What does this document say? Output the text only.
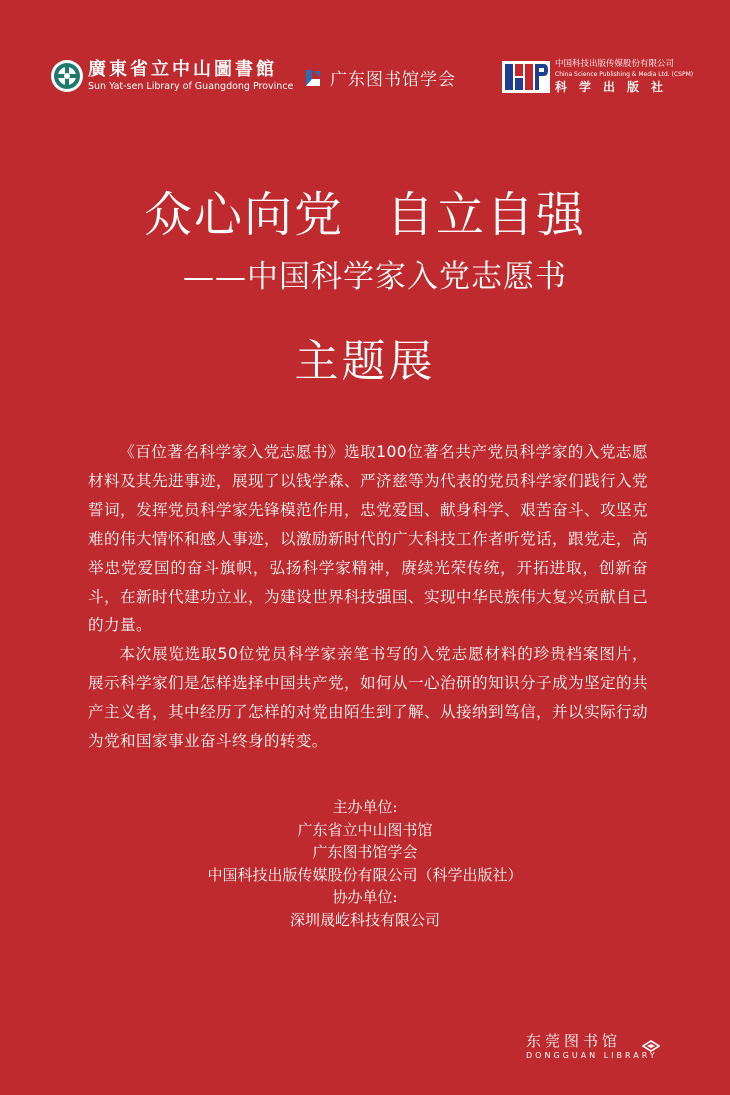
廣東省立中山圖書館
Sun Yat-sen Library of Guangdong Province 广东图书馆学会
中国科技出版传媒股份有限公司
China Science Publishing & Media Ltd. (CSPM)
科学出版社
众心向党 自立自强
——中国科学家入党志愿书
主题展

《百位著名科学家入党志愿书》选取100位著名共产党员科学家的入党志愿材料及其先进事迹，展现了以钱学森、严济慈等为代表的党员科学家们践行入党誓词，发挥党员科学家先锋模范作用，忠党爱国、献身科学、艰苦奋斗、攻坚克难的伟大情怀和感人事迹，以激励新时代的广大科技工作者听党话，跟党走，高举忠党爱国的奋斗旗帜，弘扬科学家精神，赓续光荣传统，开拓进取，创新奋斗，在新时代建功立业，为建设世界科技强国、实现中华民族伟大复兴贡献自己的力量。

本次展览选取50位党员科学家亲笔书写的入党志愿材料的珍贵档案图片，展示科学家们是怎样选择中国共产党，如何从一心治研的知识分子成为坚定的共产主义者，其中经历了怎样的对党由陌生到了解、从接纳到笃信，并以实际行动为党和国家事业奋斗终身的转变。

主办单位:
广东省立中山图书馆
广东图书馆学会
中国科技出版传媒股份有限公司（科学出版社）
协办单位:
深圳晟屹科技有限公司
东莞图书馆
DONGGUAN LIBRARY
